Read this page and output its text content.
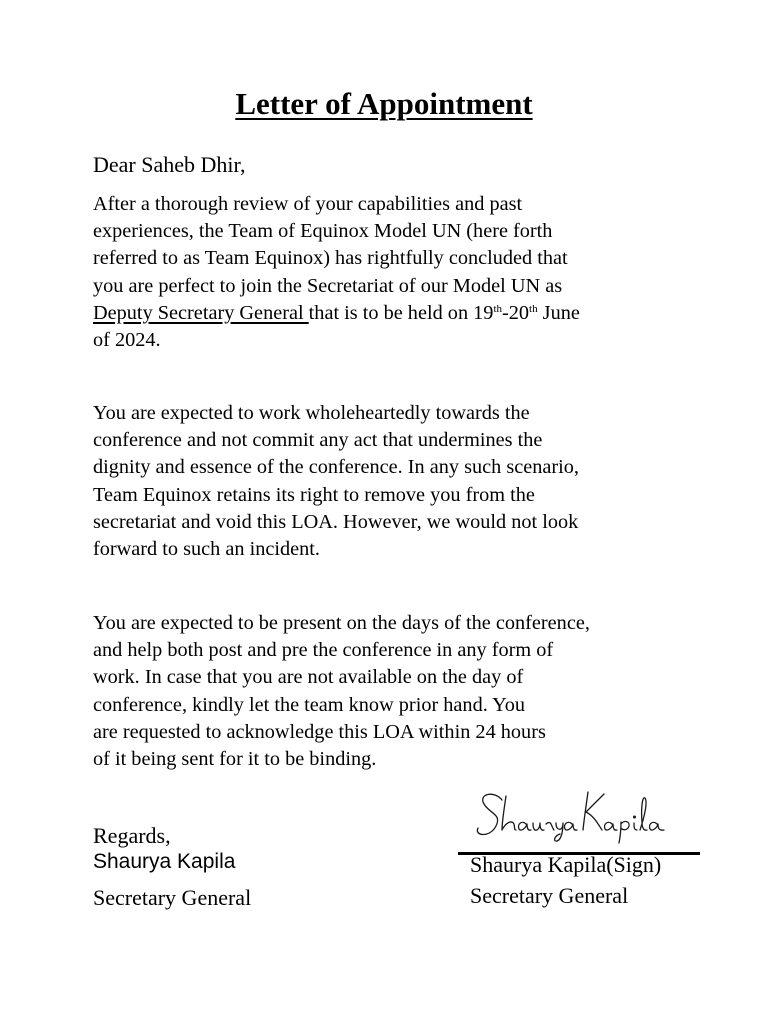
Letter of Appointment

Dear Saheb Dhir,

After a thorough review of your capabilities and past
experiences, the Team of Equinox Model UN (here forth
referred to as Team Equinox) has rightfully concluded that
you are perfect to join the Secretariat of our Model UN as
Deputy Secretary General that is to be held on 19th-20th June
of 2024.
You are expected to work wholeheartedly towards the
conference and not commit any act that undermines the
dignity and essence of the conference. In any such scenario,
Team Equinox retains its right to remove you from the
secretariat and void this LOA. However, we would not look
forward to such an incident.
You are expected to be present on the days of the conference,
and help both post and pre the conference in any form of
work. In case that you are not available on the day of
conference, kindly let the team know prior hand. You
are requested to acknowledge this LOA within 24 hours
of it being sent for it to be binding.

Regards,

Shaurya Kapila

Secretary General

Shaurya Kapila(Sign)

Secretary General
